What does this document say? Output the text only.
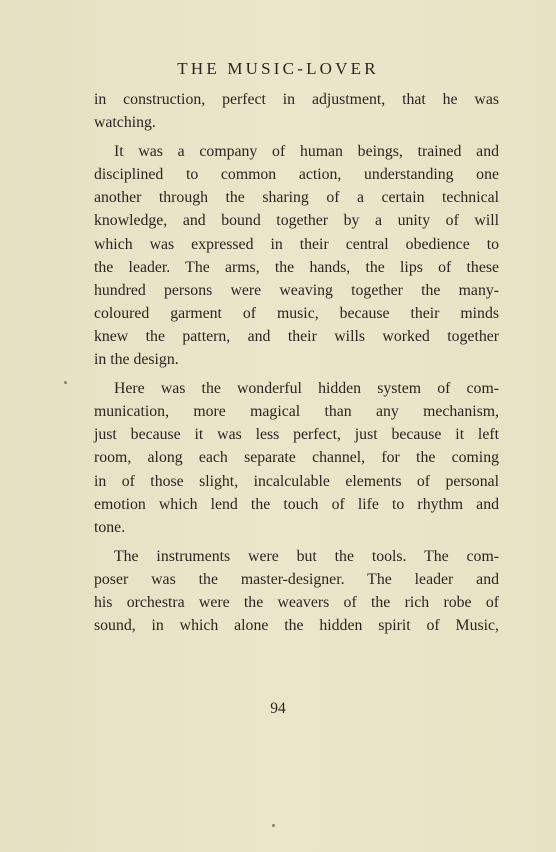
THE MUSIC-LOVER

in construction, perfect in adjustment, that he was
watching.

It was a company of human beings, trained and
disciplined to common action, understanding one
another through the sharing of a certain technical
knowledge, and bound together by a unity of will
which was expressed in their central obedience to
the leader. The arms, the hands, the lips of these
hundred persons were weaving together the many-
coloured garment of music, because their minds
knew the pattern, and their wills worked together
in the design.

Here was the wonderful hidden system of com-
munication, more magical than any mechanism,
just because it was less perfect, just because it left
room, along each separate channel, for the coming
in of those slight, incalculable elements of personal
emotion which lend the touch of life to rhythm and
tone.

The instruments were but the tools. The com-
poser was the master-designer. The leader and
his orchestra were the weavers of the rich robe of
sound, in which alone the hidden spirit of Music,

94
